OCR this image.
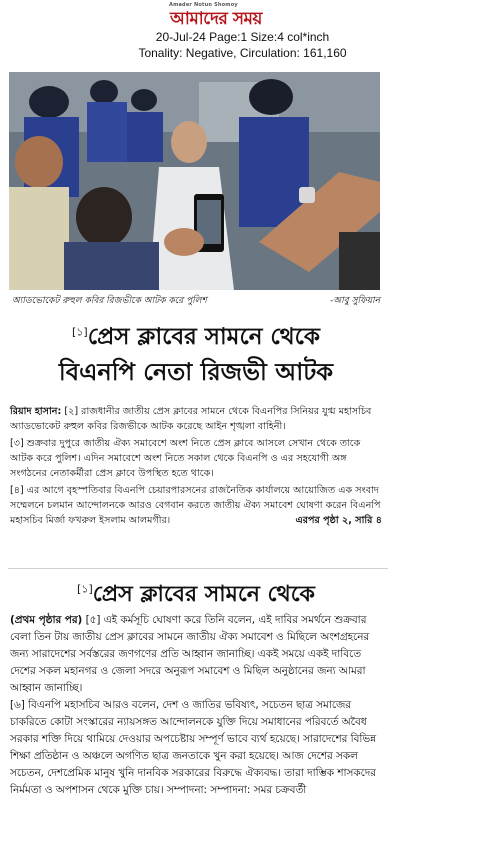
Amader Notun Shomoy
আমাদের সময়
20-Jul-24 Page:1 Size:4 col*inch
Tonality: Negative, Circulation: 161,160
অ্যাডভোকেট রুহুল কবির রিজভীকে আটক করে পুলিশ	-আবু সুফিয়ান
[১]প্রেস ক্লাবের সামনে থেকে
বিএনপি নেতা রিজভী আটক

রিয়াদ হাসান: [২] রাজধানীর জাতীয় প্রেস ক্লাবের সামনে থেকে বিএনপির সিনিয়র যুগ্ম মহাসচিব অ্যাডভোকেট রুহুল কবির রিজভীকে আটক করেছে আইন শৃঙ্খলা বাহিনী।

[৩] শুক্রবার দুপুরে জাতীয় ঐক্য সমাবেশে অংশ নিতে প্রেস ক্লাবে আসলে সেখান থেকে তাকে আটক করে পুলিশ। এদিন সমাবেশে অংশ নিতে সকাল থেকে বিএনপি ও এর সহযোগী অঙ্গ সংগঠনের নেতাকর্মীরা প্রেস ক্লাবে উপস্থিত হতে থাকে।

[৪] এর আগে বৃহস্পতিবার বিএনপি চেয়ারপারসনের রাজনৈতিক কার্যালয়ে আয়োজিত এক সংবাদ সম্মেলনে চলমান আন্দোলনকে আরও বেগবান করতে জাতীয় ঐক্য সমাবেশ ঘোষণা করেন বিএনপি মহাসচিব মির্জা ফখরুল ইসলাম আলমগীর।	এরপর পৃষ্ঠা ২, সারি ৪

[১]প্রেস ক্লাবের সামনে থেকে

(প্রথম পৃষ্ঠার পর) [৫] এই কর্মসূচি ঘোষণা করে তিনি বলেন, এই দাবির সমর্থনে শুক্রবার বেলা তিন টায় জাতীয় প্রেস ক্লাবের সামনে জাতীয় ঐক্য সমাবেশ ও মিছিলে অংশগ্রহনের জন্য সারাদেশের সর্বস্তরের জণগণের প্রতি আহ্বান জানাচ্ছি। একই সময়ে একই দাবিতে দেশের সকল মহানগর ও জেলা সদরে অনুরূপ সমাবেশ ও মিছিল অনুষ্ঠানের জন্য আমরা আহ্বান জানাচ্ছি।

[৬] বিএনপি মহাসচিব আরও বলেন, দেশ ও জাতির ভবিষ্যৎ, সচেতন ছাত্র সমাজের চাকরিতে কোটা সংস্কারের ন্যায়সঙ্গত আন্দোলনকে যুক্তি দিয়ে সমাধানের পরিবর্তে অবৈধ সরকার শক্তি দিয়ে থামিয়ে দেওয়ার অপচেষ্টায় সম্পূর্ণ ভাবে ব্যর্থ হয়েছে। সারাদেশের বিভিন্ন শিক্ষা প্রতিষ্ঠান ও অঞ্চলে অগণিত ছাত্র জনতাকে খুন করা হয়েছে। আজ দেশের সকল সচেতন, দেশপ্রেমিক মানুষ খুনি দানবিক সরকারের বিরুদ্ধে ঐক্যবদ্ধ। তারা দাম্ভিক শাসকদের নির্মমতা ও অপশাসন থেকে মুক্তি চায়। সম্পাদনা: সম্পাদনা: সমর চক্রবর্তী
